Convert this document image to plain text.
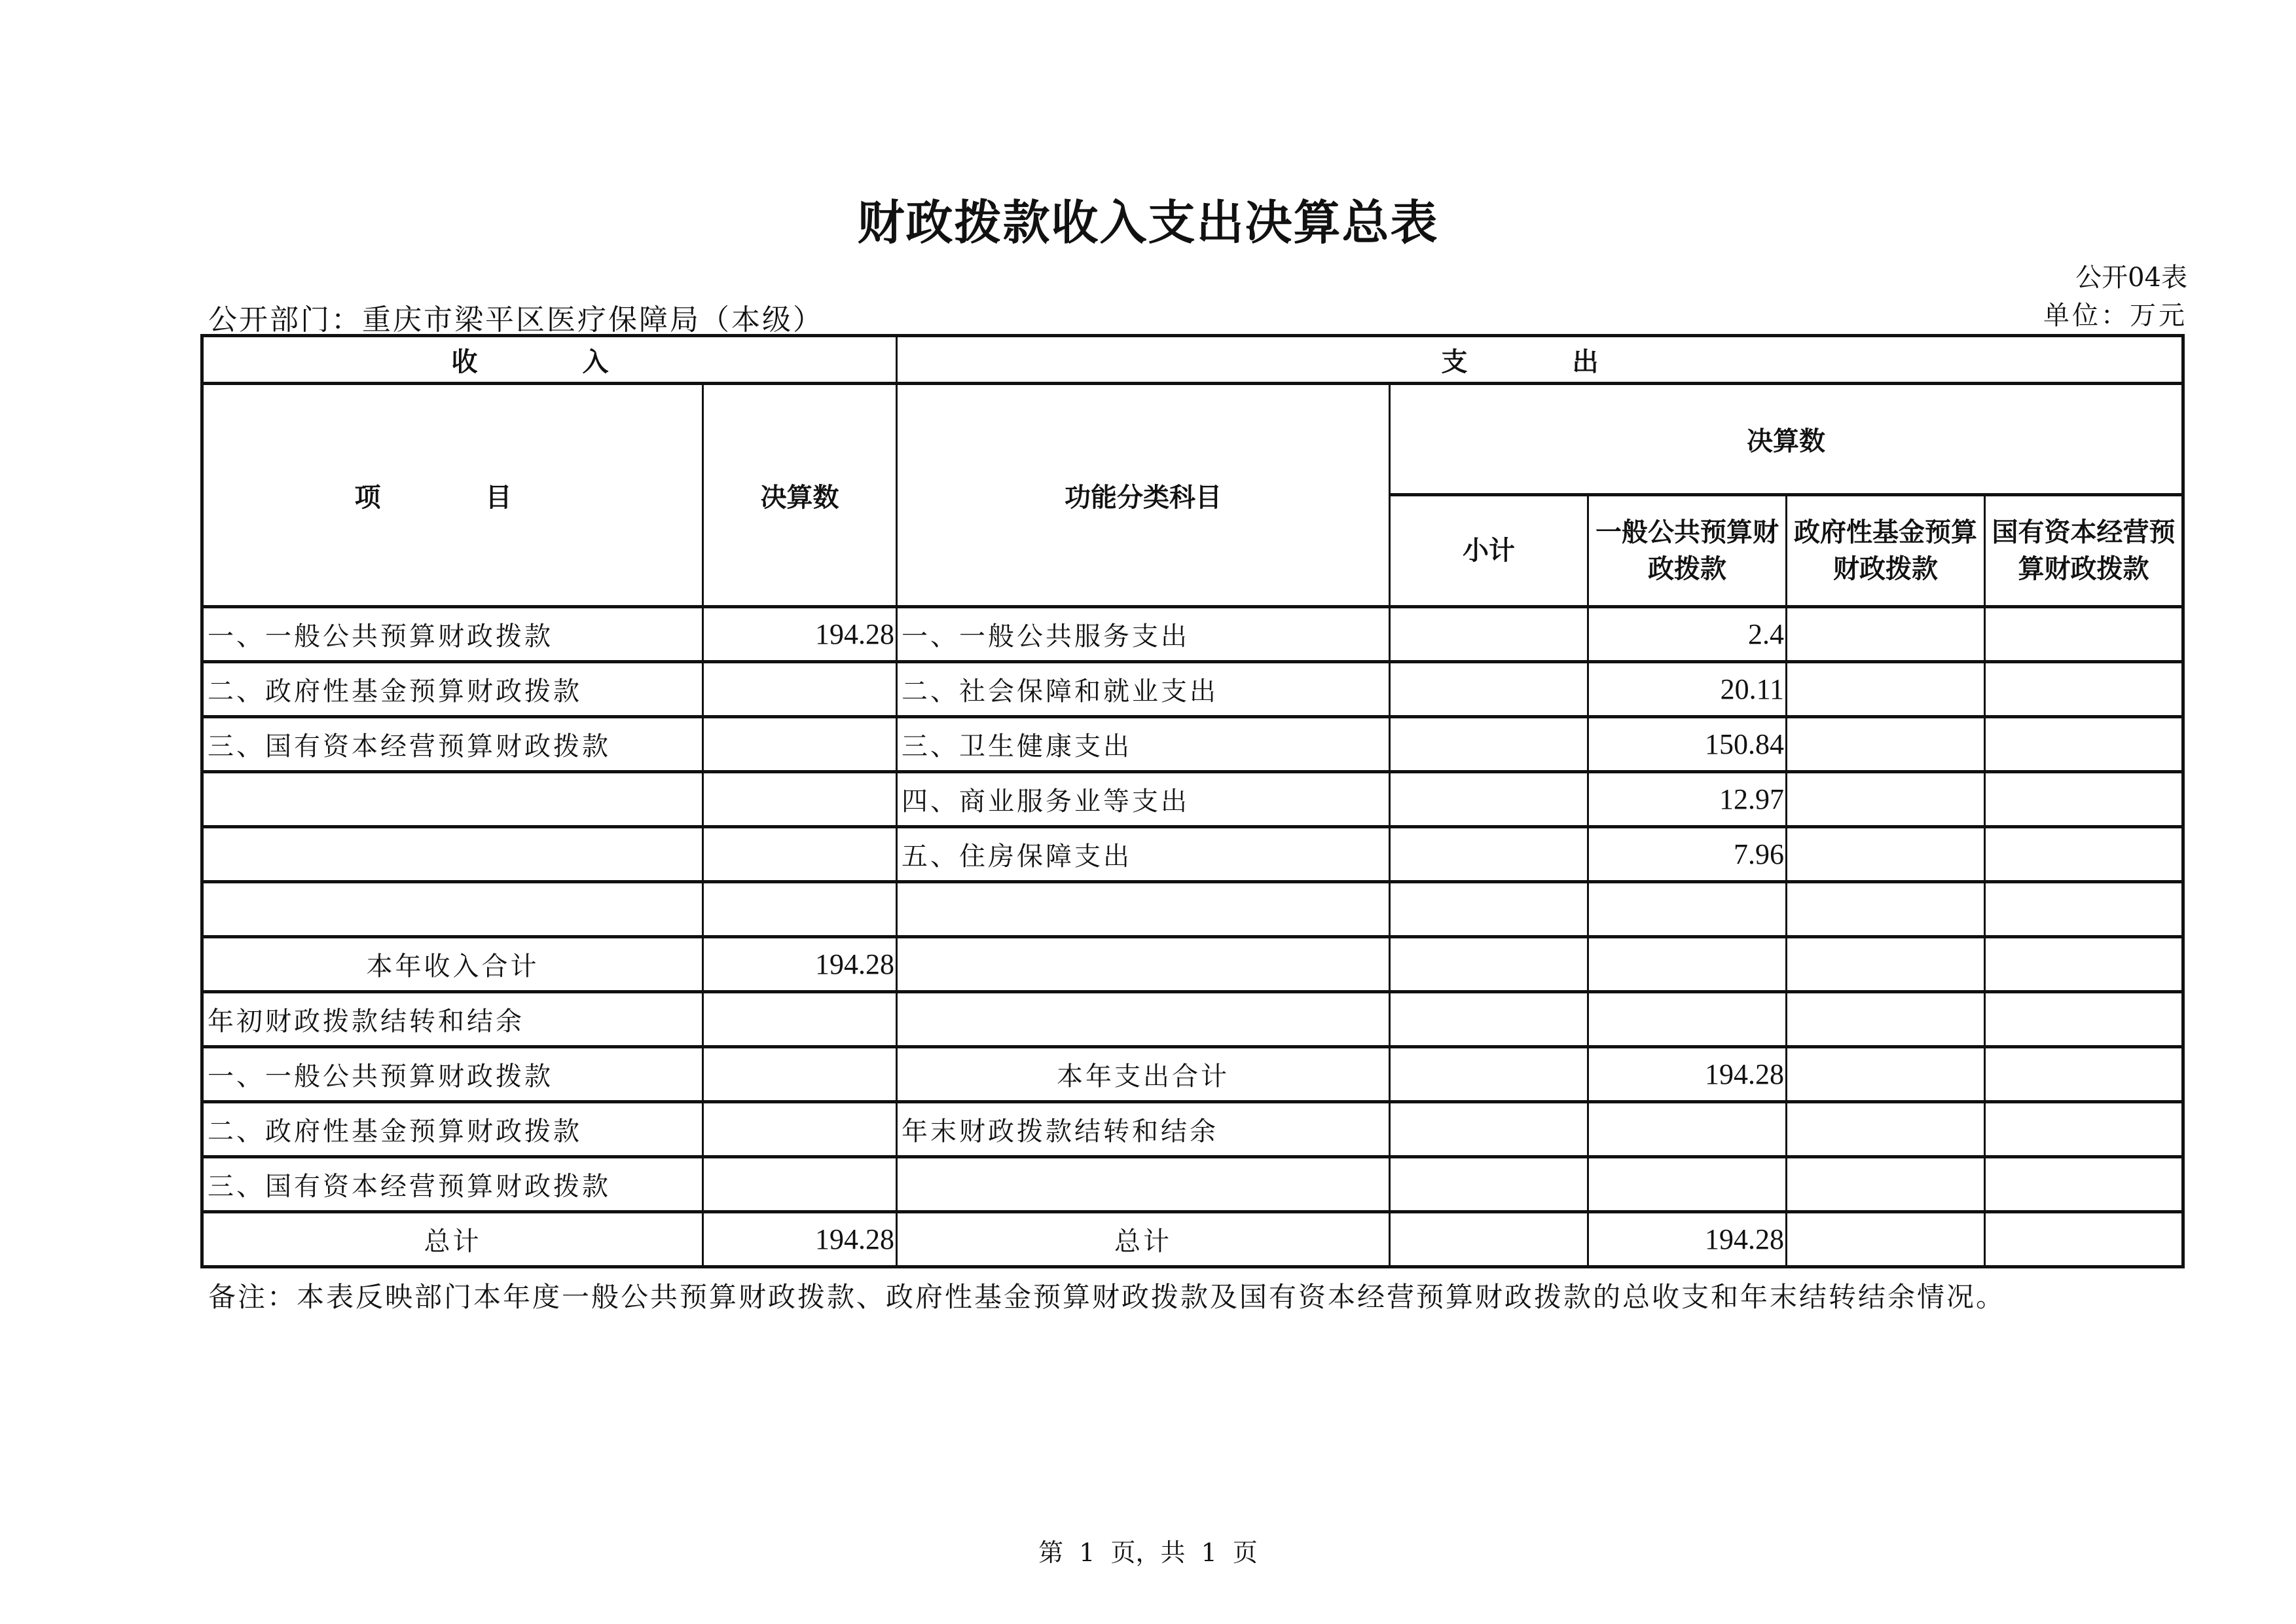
财政拨款收入支出决算总表
公开04表
公开部门：重庆市梁平区医疗保障局（本级）	单位：万元
收　入		支　出				
项　目	决算数	功能分类科目	决算数			
			小计	一般公共预算财政拨款	政府性基金预算财政拨款	国有资本经营预算财政拨款
一、一般公共预算财政拨款	194.28	一、一般公共服务支出		2.4		
二、政府性基金预算财政拨款		二、社会保障和就业支出		20.11		
三、国有资本经营预算财政拨款		三、卫生健康支出		150.84		
		四、商业服务业等支出		12.97		
		五、住房保障支出		7.96		

本年收入合计	194.28					
年初财政拨款结转和结余						
一、一般公共预算财政拨款		本年支出合计		194.28		
二、政府性基金预算财政拨款		年末财政拨款结转和结余				
三、国有资本经营预算财政拨款						
总计	194.28	总计		194.28		
备注：本表反映部门本年度一般公共预算财政拨款、政府性基金预算财政拨款及国有资本经营预算财政拨款的总收支和年末结转结余情况。
第 1 页，共 1 页
